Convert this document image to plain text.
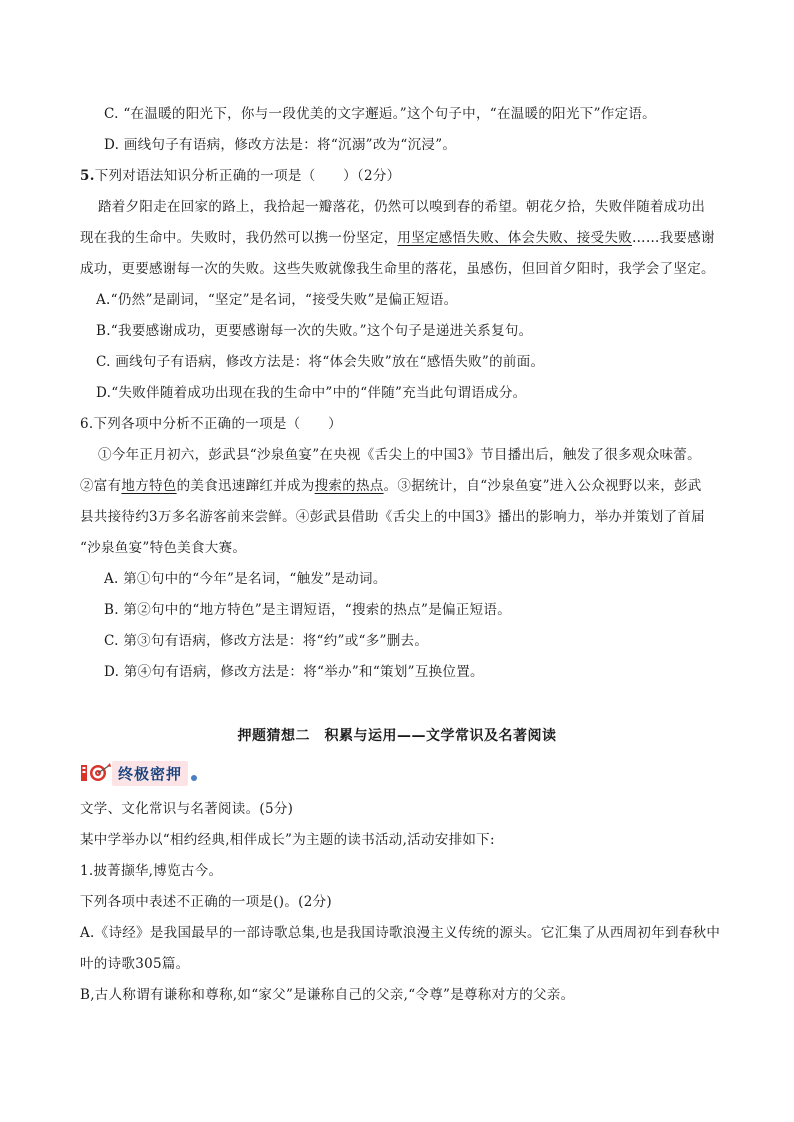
C. “在温暖的阳光下，你与一段优美的文字邂逅。”这个句子中，“在温暖的阳光下”作定语。
D. 画线句子有语病，修改方法是：将“沉溺”改为“沉浸”。
5.下列对语法知识分析正确的一项是（　　）（2分）
踏着夕阳走在回家的路上，我拾起一瓣落花，仍然可以嗅到春的希望。朝花夕拾，失败伴随着成功出
现在我的生命中。失败时，我仍然可以携一份坚定，用坚定感悟失败、体会失败、接受失败……我要感谢
成功，更要感谢每一次的失败。这些失败就像我生命里的落花，虽感伤，但回首夕阳时，我学会了坚定。
A.“仍然”是副词，“坚定”是名词，“接受失败”是偏正短语。
B.“我要感谢成功，更要感谢每一次的失败。”这个句子是递进关系复句。
C. 画线句子有语病，修改方法是：将“体会失败”放在“感悟失败”的前面。
D.“失败伴随着成功出现在我的生命中”中的“伴随”充当此句谓语成分。
6.下列各项中分析不正确的一项是（　　）
①今年正月初六，彭武县“沙泉鱼宴”在央视《舌尖上的中国3》节目播出后，触发了很多观众味蕾。
②富有地方特色的美食迅速蹿红并成为搜索的热点。③据统计，自“沙泉鱼宴”进入公众视野以来，彭武
县共接待约3万多名游客前来尝鲜。④彭武县借助《舌尖上的中国3》播出的影响力，举办并策划了首届
“沙泉鱼宴”特色美食大赛。
A. 第①句中的“今年”是名词，“触发”是动词。
B. 第②句中的“地方特色”是主谓短语，“搜索的热点”是偏正短语。
C. 第③句有语病，修改方法是：将“约”或“多”删去。
D. 第④句有语病，修改方法是：将“举办”和“策划”互换位置。
押题猜想二　积累与运用——文学常识及名著阅读
终极密押
文学、文化常识与名著阅读。(5分)
某中学举办以“相约经典,相伴成长”为主题的读书活动,活动安排如下:
1.披菁撷华,博览古今。
下列各项中表述不正确的一项是()。(2分)
A.《诗经》是我国最早的一部诗歌总集,也是我国诗歌浪漫主义传统的源头。它汇集了从西周初年到春秋中
叶的诗歌305篇。
B,古人称谓有谦称和尊称,如“家父”是谦称自己的父亲,“令尊”是尊称对方的父亲。
